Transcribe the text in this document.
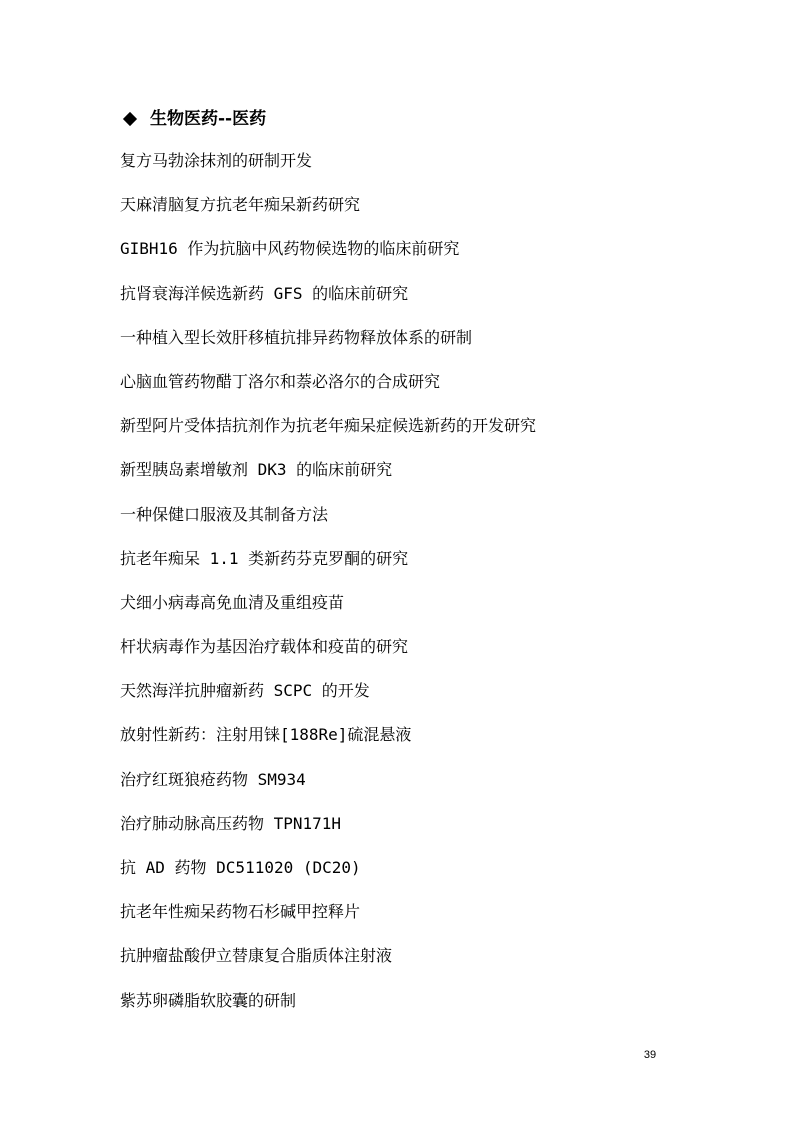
生物医药--医药
复方马勃涂抹剂的研制开发
天麻清脑复方抗老年痴呆新药研究
GIBH16 作为抗脑中风药物候选物的临床前研究
抗肾衰海洋候选新药 GFS 的临床前研究
一种植入型长效肝移植抗排异药物释放体系的研制
心脑血管药物醋丁洛尔和萘必洛尔的合成研究
新型阿片受体拮抗剂作为抗老年痴呆症候选新药的开发研究
新型胰岛素增敏剂 DK3 的临床前研究
一种保健口服液及其制备方法
抗老年痴呆 1.1 类新药芬克罗酮的研究
犬细小病毒高免血清及重组疫苗
杆状病毒作为基因治疗载体和疫苗的研究
天然海洋抗肿瘤新药 SCPC 的开发
放射性新药：注射用铼[188Re]硫混悬液
治疗红斑狼疮药物 SM934
治疗肺动脉高压药物 TPN171H
抗 AD 药物 DC511020 (DC20)
抗老年性痴呆药物石杉碱甲控释片
抗肿瘤盐酸伊立替康复合脂质体注射液
紫苏卵磷脂软胶囊的研制
39
